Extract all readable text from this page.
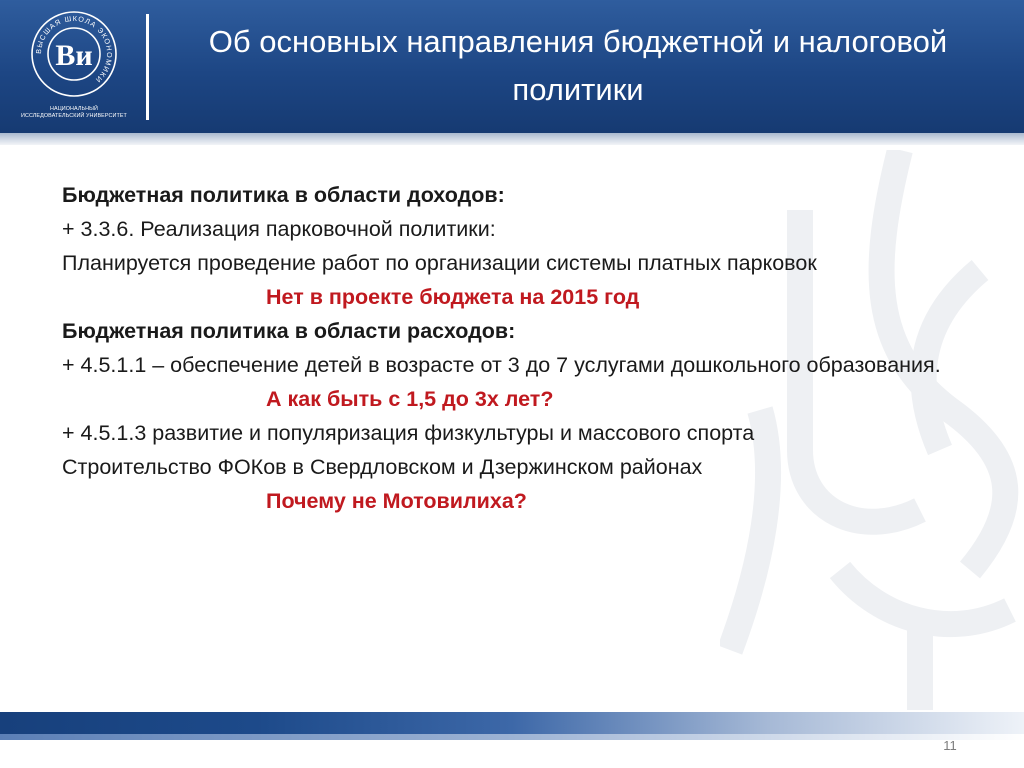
ВЫСШАЯ ШКОЛА ЭКОНОМИКИ
Ви
НАЦИОНАЛЬНЫЙ ИССЛЕДОВАТЕЛЬСКИЙ УНИВЕРСИТЕТ
Об основных направления бюджетной и налоговой политики
Бюджетная политика в области доходов:
+ 3.3.6. Реализация парковочной политики:
Планируется проведение работ по организации системы платных парковок
Нет в проекте бюджета на 2015 год
Бюджетная политика в области расходов:
+ 4.5.1.1 – обеспечение детей в возрасте от 3 до 7 услугами дошкольного образования.
А как быть с 1,5 до 3х лет?
+ 4.5.1.3 развитие и популяризация физкультуры и массового спорта
Строительство ФОКов в Свердловском и Дзержинском районах
Почему не Мотовилиха?
11
